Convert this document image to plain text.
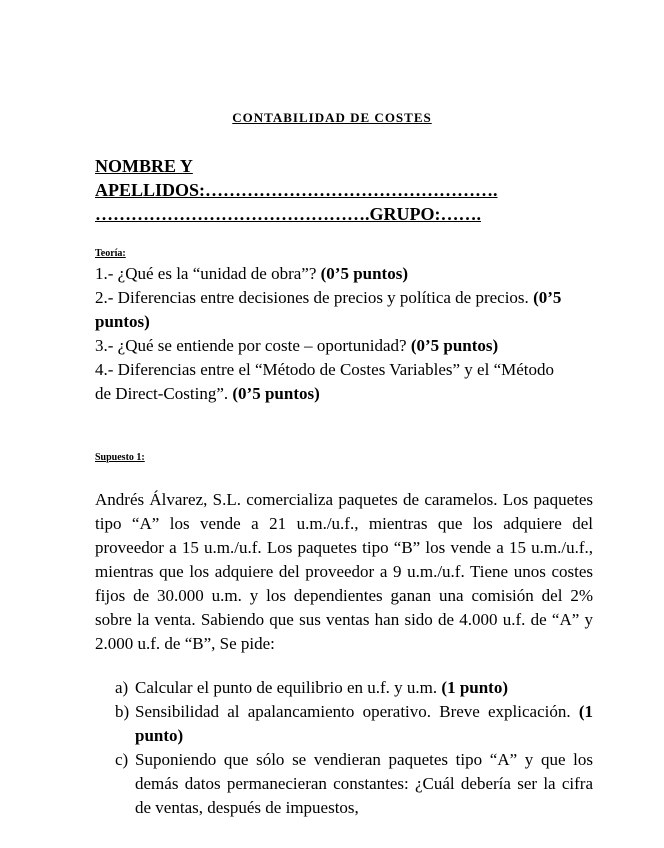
CONTABILIDAD DE COSTES
NOMBRE Y
APELLIDOS:………………………………………….
……………………………………….GRUPO:…….
Teoría:

1.- ¿Qué es la “unidad de obra”? (0’5 puntos)

2.- Diferencias entre decisiones de precios y política de precios. (0’5 puntos)

3.- ¿Qué se entiende por coste – oportunidad? (0’5 puntos)

4.- Diferencias entre el “Método de Costes Variables” y el “Método de Direct-Costing”. (0’5 puntos)

Supuesto 1:

Andrés Álvarez, S.L. comercializa paquetes de caramelos. Los paquetes tipo “A” los vende a 21 u.m./u.f., mientras que los adquiere del proveedor a 15 u.m./u.f. Los paquetes tipo “B” los vende a 15 u.m./u.f., mientras que los adquiere del proveedor a 9 u.m./u.f. Tiene unos costes fijos de 30.000 u.m. y los dependientes ganan una comisión del 2% sobre la venta. Sabiendo que sus ventas han sido de 4.000 u.f. de “A” y 2.000 u.f. de “B”, Se pide:

a) Calcular el punto de equilibrio en u.f. y u.m. (1 punto)
b) Sensibilidad al apalancamiento operativo. Breve explicación. (1 punto)
c) Suponiendo que sólo se vendieran paquetes tipo “A” y que los demás datos permanecieran constantes: ¿Cuál debería ser la cifra de ventas, después de impuestos,
